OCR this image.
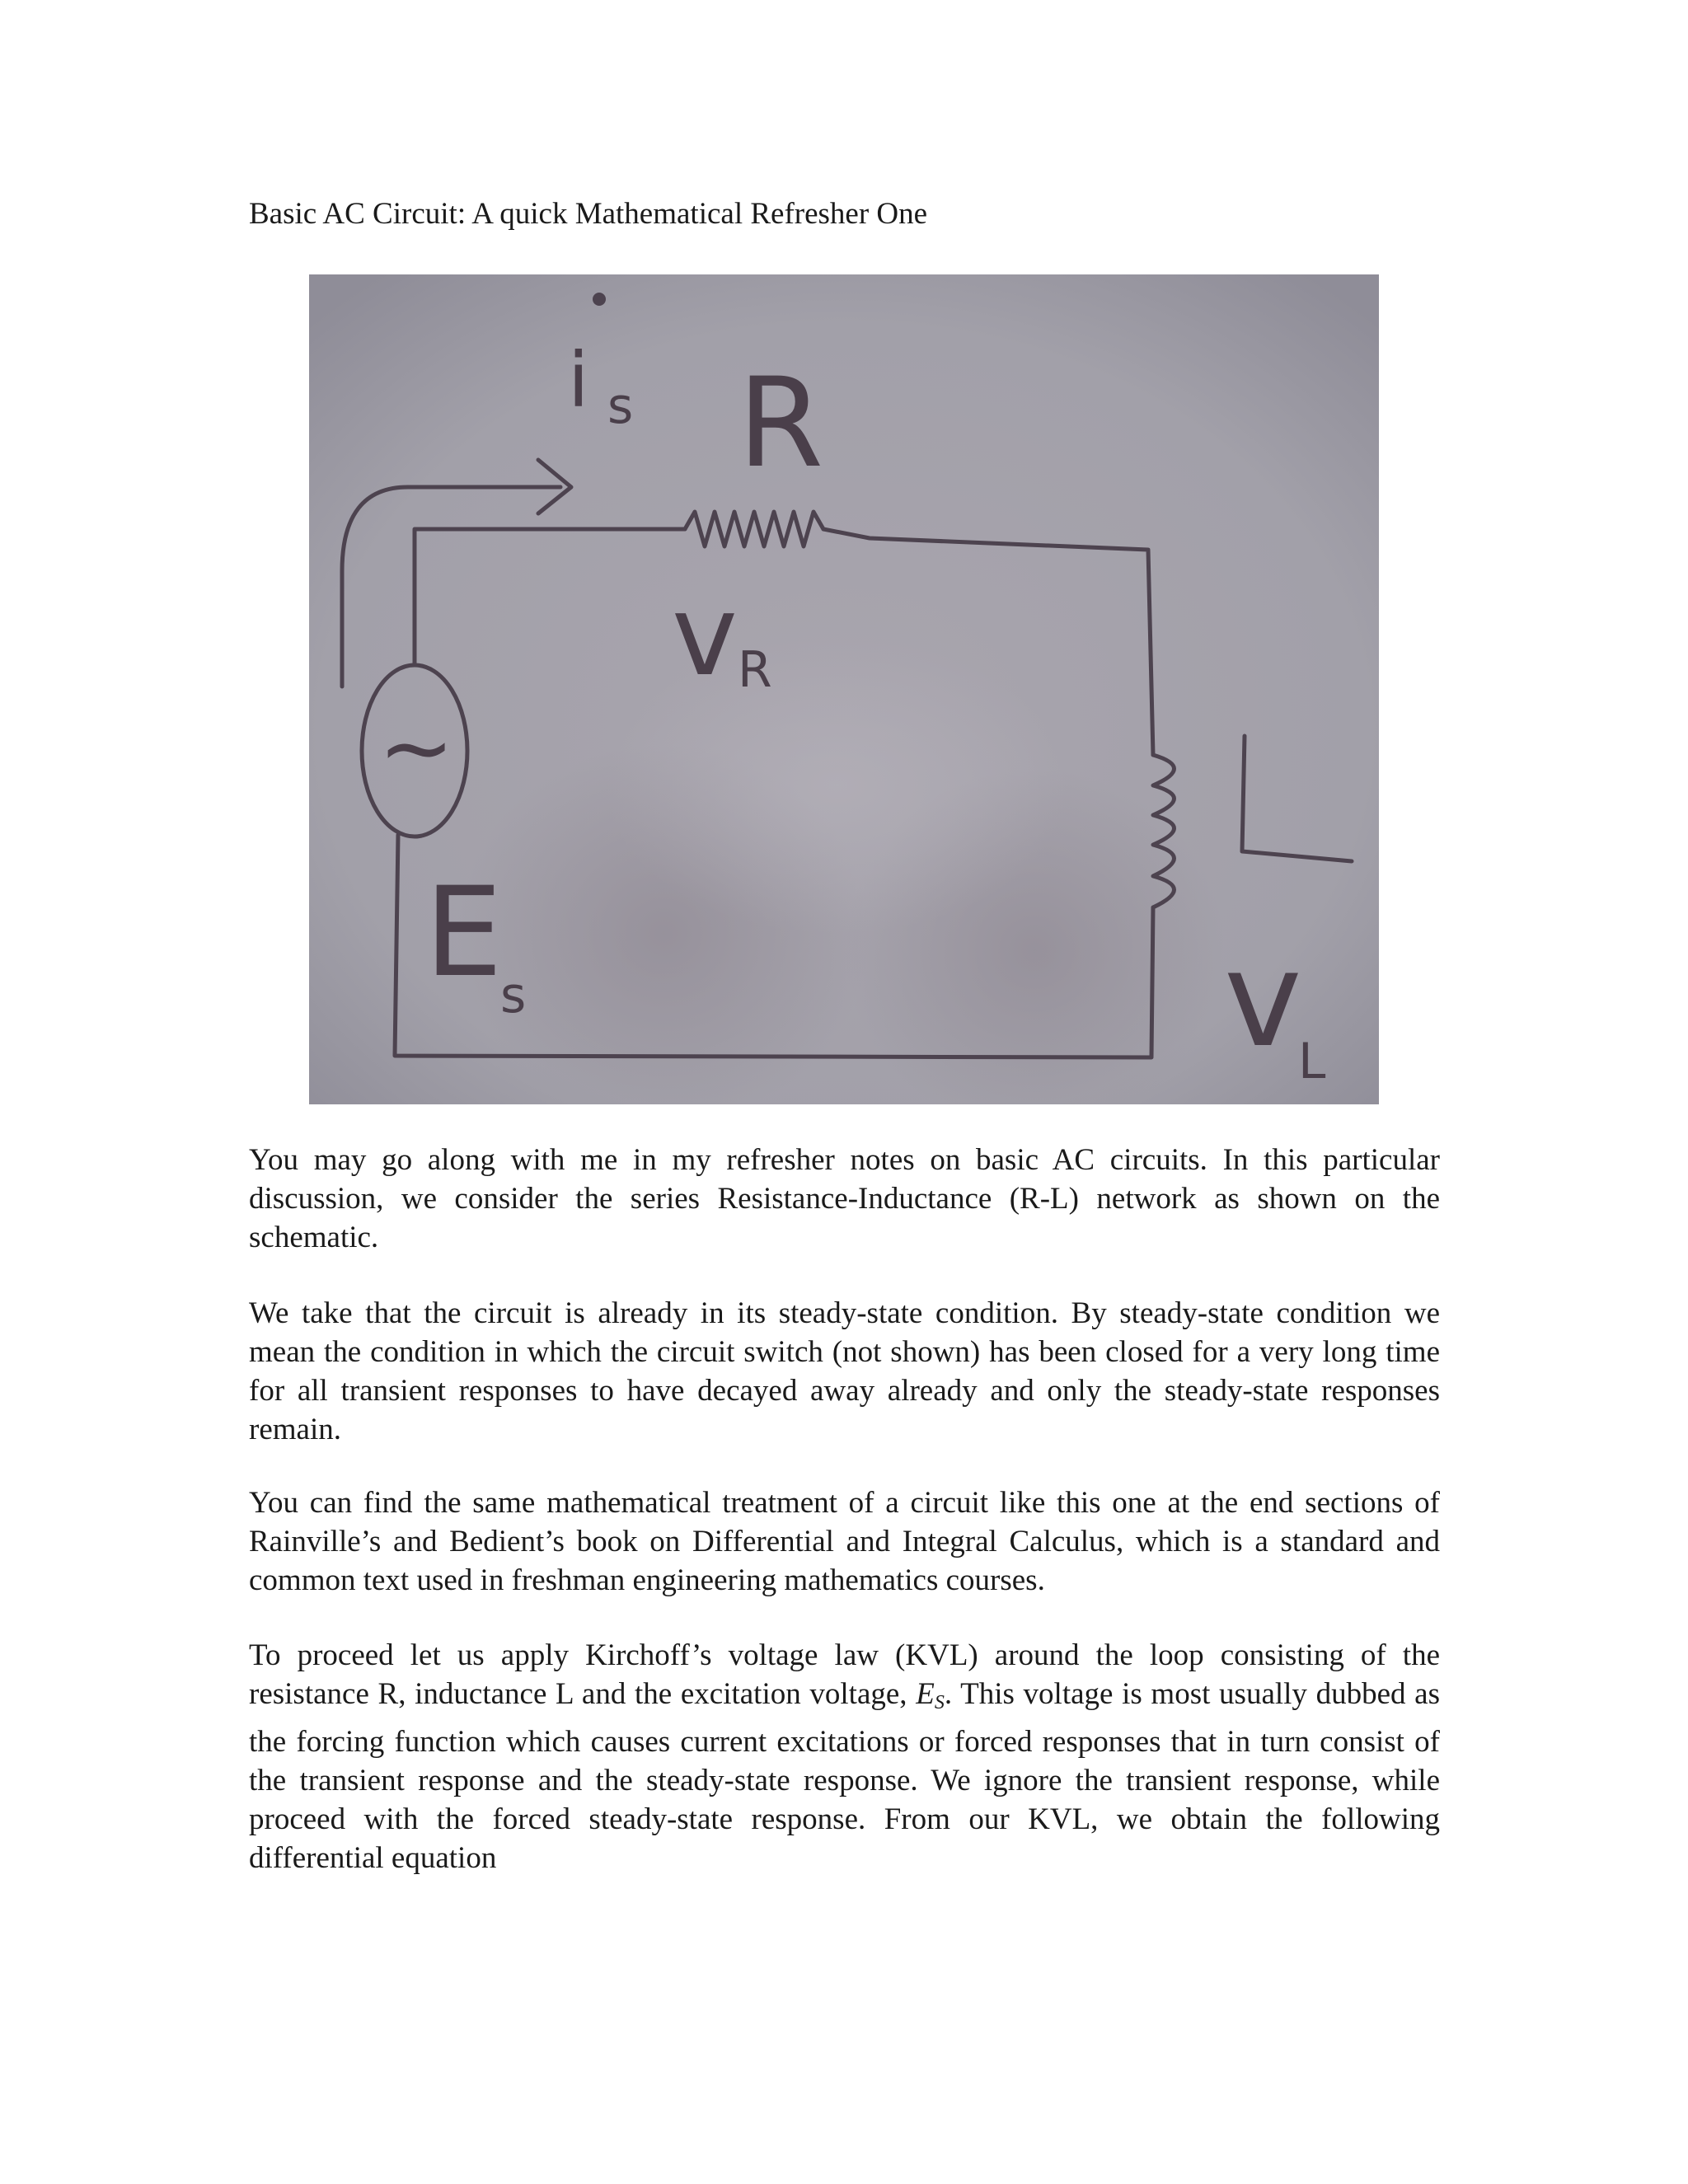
Basic AC Circuit: A quick Mathematical Refresher One
i s R
v R
~
E
s	v
L

You may go along with me in my refresher notes on basic AC circuits. In this particular discussion, we consider the series Resistance-Inductance (R-L) network as shown on the schematic.

We take that the circuit is already in its steady-state condition. By steady-state condition we mean the condition in which the circuit switch (not shown) has been closed for a very long time for all transient responses to have decayed away already and only the steady-state responses remain.

You can find the same mathematical treatment of a circuit like this one at the end sections of Rainville’s and Bedient’s book on Differential and Integral Calculus, which is a standard and common text used in freshman engineering mathematics courses.

To proceed let us apply Kirchoff’s voltage law (KVL) around the loop consisting of the resistance R, inductance L and the excitation voltage, $E_S$. This voltage is most usually dubbed as the forcing function which causes current excitations or forced responses that in turn consist of the transient response and the steady-state response. We ignore the transient response, while proceed with the forced steady-state response. From our KVL, we obtain the following differential equation
